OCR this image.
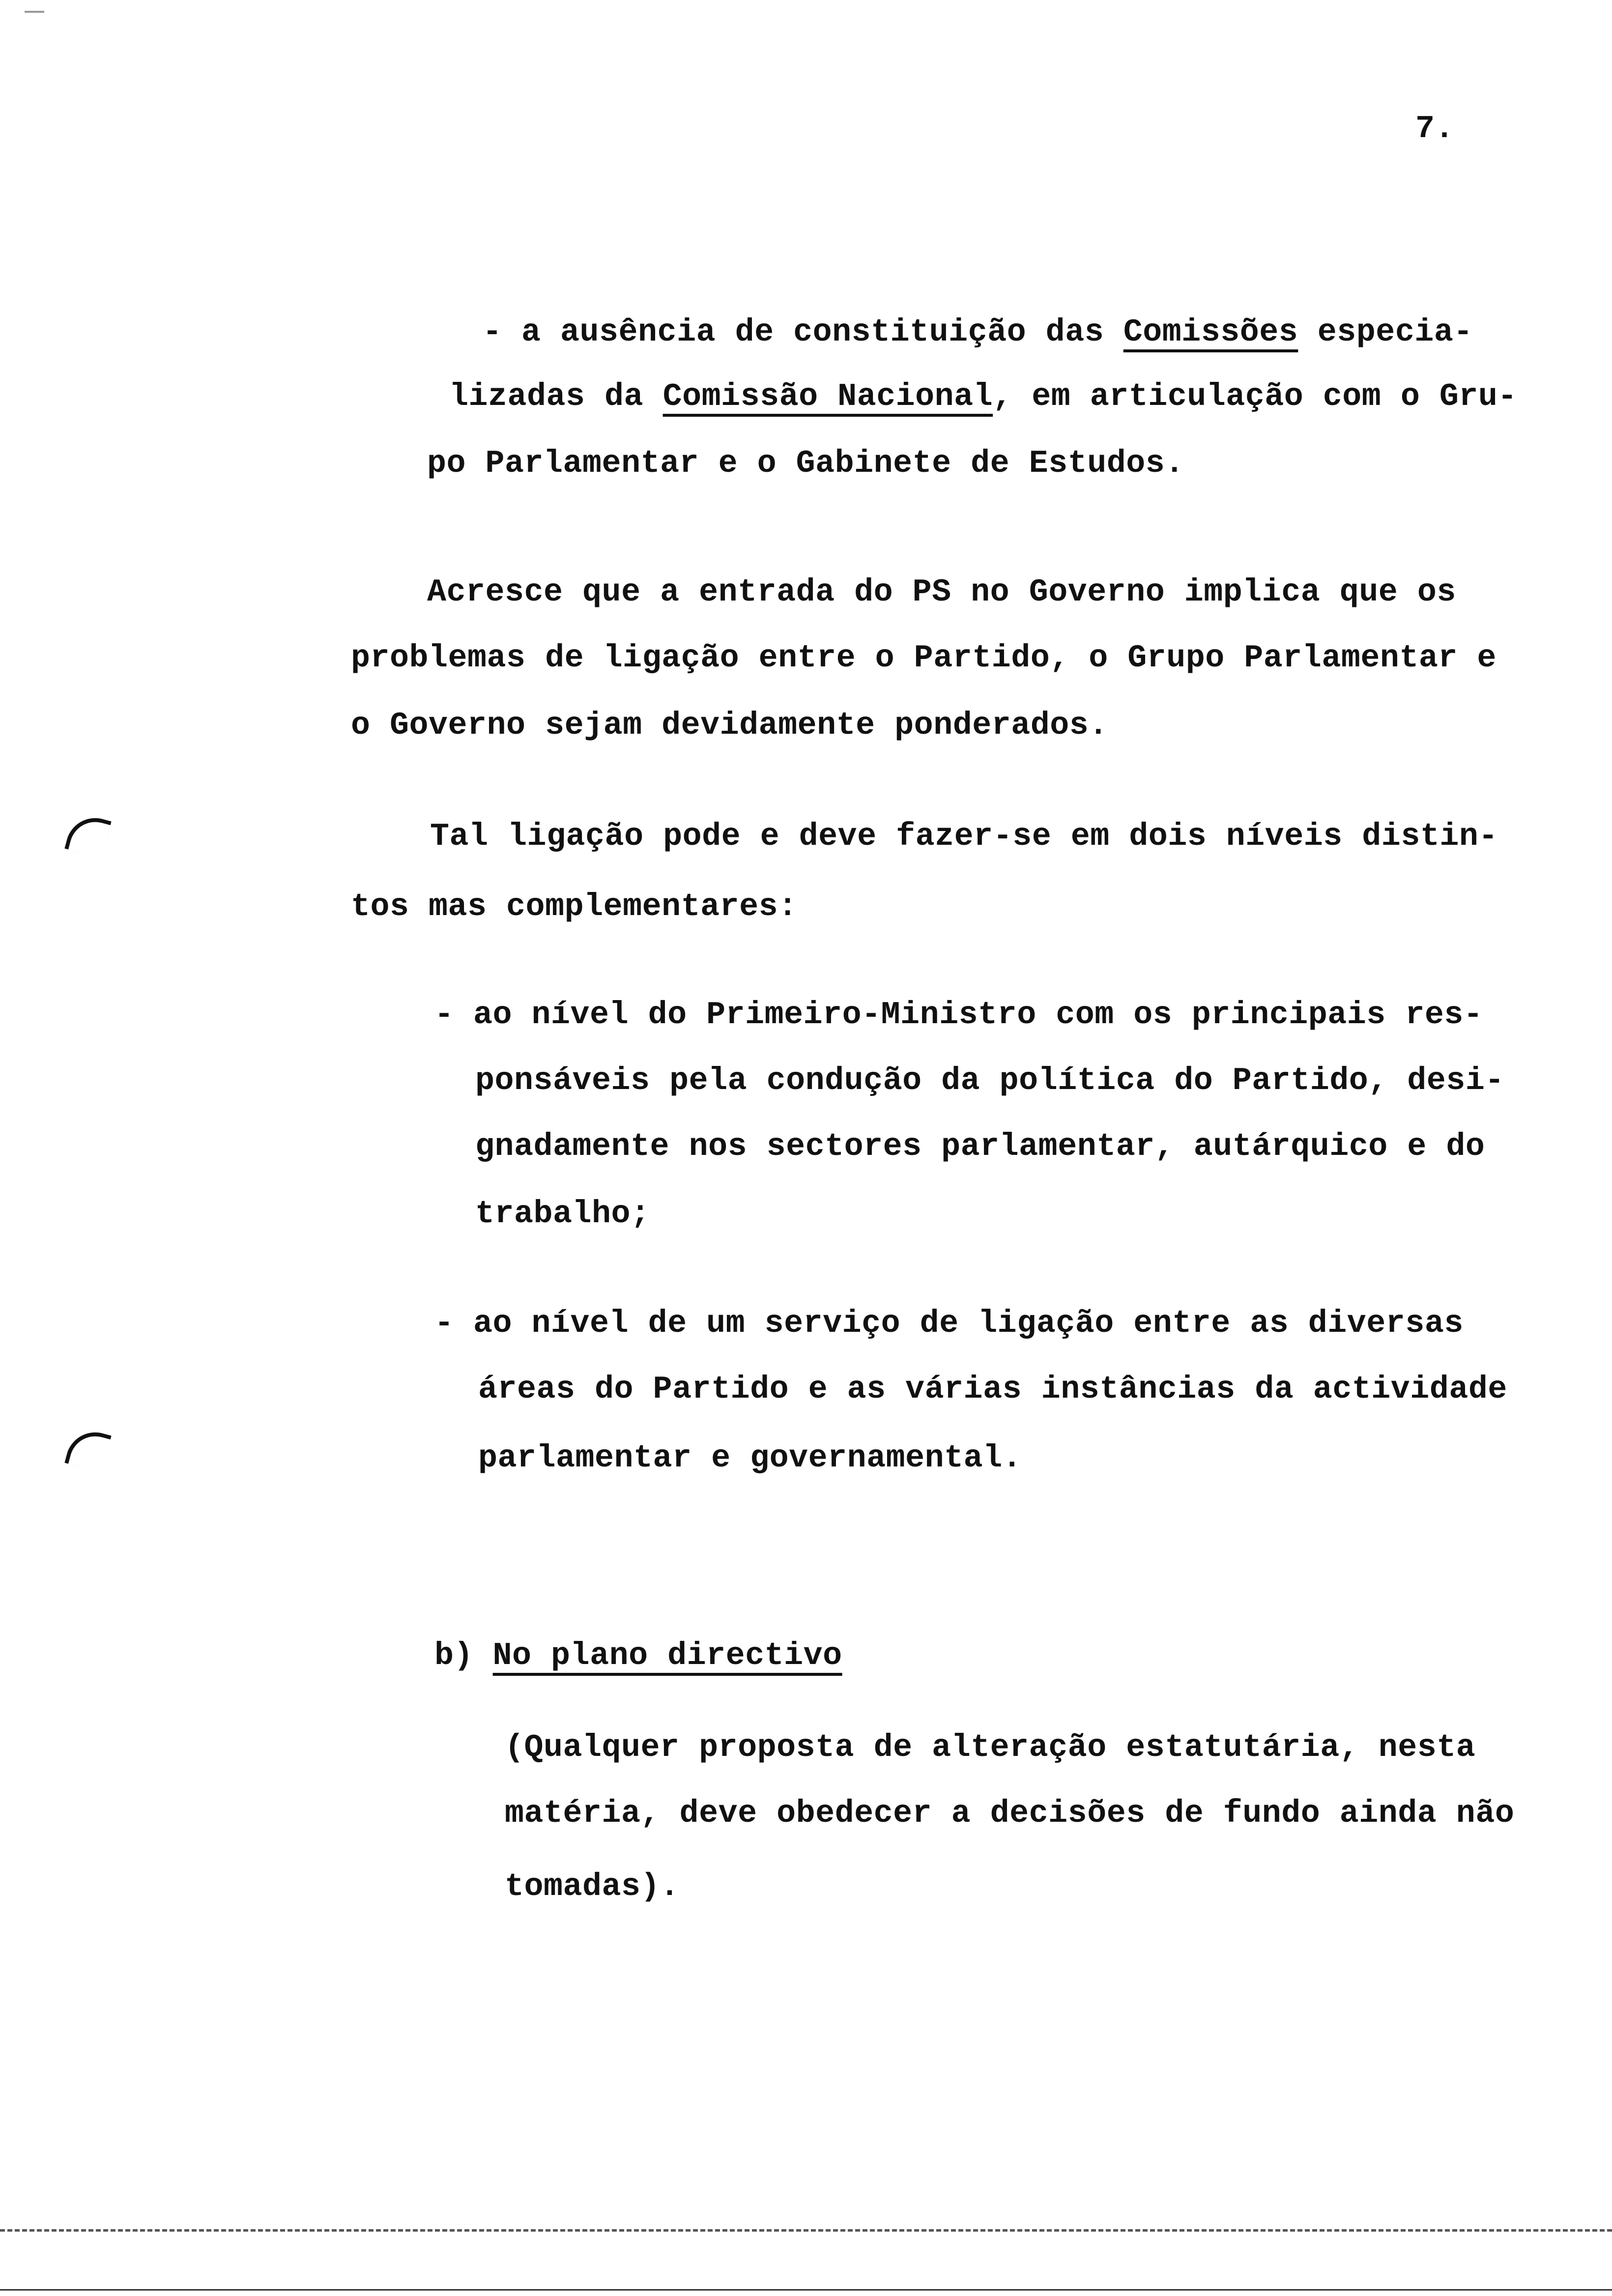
7.
- a ausência de constituição das Comissões especia-
lizadas da Comissão Nacional, em articulação com o Gru-
po Parlamentar e o Gabinete de Estudos.
Acresce que a entrada do PS no Governo implica que os
problemas de ligação entre o Partido, o Grupo Parlamentar e
o Governo sejam devidamente ponderados.
Tal ligação pode e deve fazer-se em dois níveis distin-
tos mas complementares:
- ao nível do Primeiro-Ministro com os principais res-
ponsáveis pela condução da política do Partido, desi-
gnadamente nos sectores parlamentar, autárquico e do
trabalho;
- ao nível de um serviço de ligação entre as diversas
áreas do Partido e as várias instâncias da actividade
parlamentar e governamental.
b) No plano directivo
(Qualquer proposta de alteração estatutária, nesta
matéria, deve obedecer a decisões de fundo ainda não
tomadas).
